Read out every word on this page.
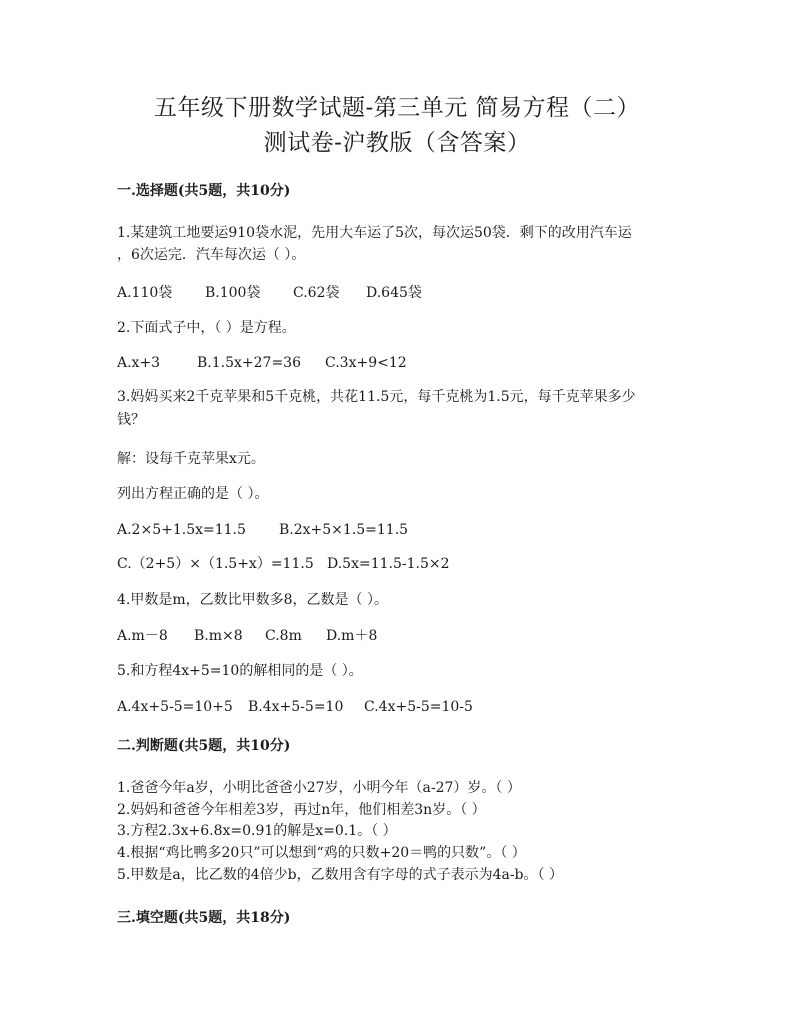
五年级下册数学试题-第三单元 简易方程（二）
测试卷-沪教版（含答案）
一.选择题(共5题，共10分)
1.某建筑工地要运910袋水泥，先用大车运了5次，每次运50袋．剩下的改用汽车运
，6次运完．汽车每次运（ ）。
A.110袋 B.100袋 C.62袋 D.645袋
2.下面式子中，（ ）是方程。
A.x+3	B.1.5x+27=36 C.3x+9<12
3.妈妈买来2千克苹果和5千克桃，共花11.5元，每千克桃为1.5元，每千克苹果多少
钱？
解：设每千克苹果x元。
列出方程正确的是（ ）。
A.2×5+1.5x=11.5 B.2x+5×1.5=11.5
C.（2+5）×（1.5+x）=11.5 D.5x=11.5-1.5×2
4.甲数是m，乙数比甲数多8，乙数是（ ）。
A.m－8 B.m×8 C.8m D.m＋8
5.和方程4x+5=10的解相同的是（ ）。
A.4x+5-5=10+5 B.4x+5-5=10 C.4x+5-5=10-5
二.判断题(共5题，共10分)
1.爸爸今年a岁，小明比爸爸小27岁，小明今年（a-27）岁。（ ）
2.妈妈和爸爸今年相差3岁，再过n年，他们相差3n岁。（ ）
3.方程2.3x+6.8x=0.91的解是x=0.1。（ ）
4.根据“鸡比鸭多20只”可以想到“鸡的只数+20＝鸭的只数”。（ ）
5.甲数是a，比乙数的4倍少b，乙数用含有字母的式子表示为4a-b。（ ）
三.填空题(共5题，共18分)
